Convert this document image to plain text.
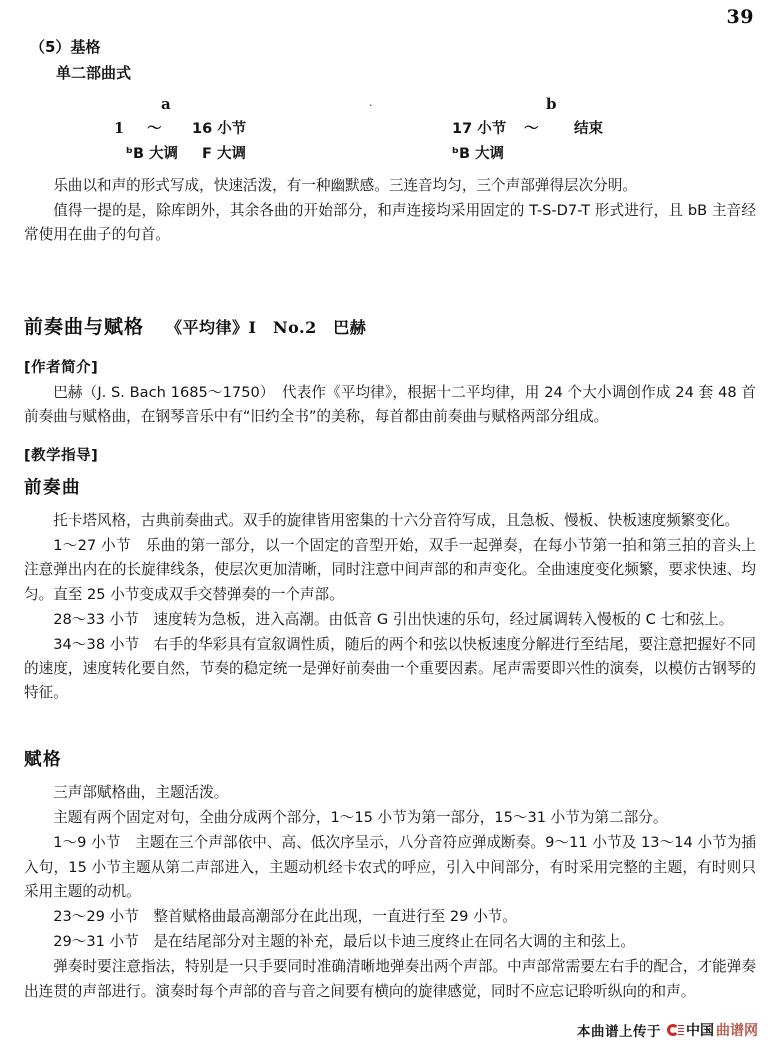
39
（5）基格
单二部曲式
a	·	b
1 ～ 16 小节	17 小节 ～ 结束
ᵇB 大调 F 大调	ᵇB 大调

乐曲以和声的形式写成，快速活泼，有一种幽默感。三连音均匀，三个声部弹得层次分明。

值得一提的是，除库朗外，其余各曲的开始部分，和声连接均采用固定的 T-S-D7-T 形式进行，且 bB 主音经常使用在曲子的句首。

前奏曲与赋格 《平均律》Ⅰ　No.2　巴赫
[作者简介]

巴赫（J. S. Bach 1685～1750）　代表作《平均律》，根据十二平均律，用 24 个大小调创作成 24 套 48 首前奏曲与赋格曲，在钢琴音乐中有“旧约全书”的美称，每首都由前奏曲与赋格两部分组成。

[教学指导]
前奏曲

托卡塔风格，古典前奏曲式。双手的旋律皆用密集的十六分音符写成，且急板、慢板、快板速度频繁变化。

1～27 小节　乐曲的第一部分，以一个固定的音型开始，双手一起弹奏，在每小节第一拍和第三拍的音头上注意弹出内在的长旋律线条，使层次更加清晰，同时注意中间声部的和声变化。全曲速度变化频繁，要求快速、均匀。直至 25 小节变成双手交替弹奏的一个声部。

28～33 小节　速度转为急板，进入高潮。由低音 G 引出快速的乐句，经过属调转入慢板的 C 七和弦上。

34～38 小节　右手的华彩具有宣叙调性质，随后的两个和弦以快板速度分解进行至结尾，要注意把握好不同的速度，速度转化要自然，节奏的稳定统一是弹好前奏曲一个重要因素。尾声需要即兴性的演奏，以模仿古钢琴的特征。

赋格

三声部赋格曲，主题活泼。

主题有两个固定对句，全曲分成两个部分，1～15 小节为第一部分，15～31 小节为第二部分。

1～9 小节　主题在三个声部依中、高、低次序呈示，八分音符应弹成断奏。9～11 小节及 13～14 小节为插入句，15 小节主题从第二声部进入，主题动机经卡农式的呼应，引入中间部分，有时采用完整的主题，有时则只采用主题的动机。

23～29 小节　整首赋格曲最高潮部分在此出现，一直进行至 29 小节。

29～31 小节　是在结尾部分对主题的补充，最后以卡迪三度终止在同名大调的主和弦上。

弹奏时要注意指法，特别是一只手要同时准确清晰地弹奏出两个声部。中声部常需要左右手的配合，才能弹奏出连贯的声部进行。演奏时每个声部的音与音之间要有横向的旋律感觉，同时不应忘记聆听纵向的和声。

本曲谱上传于 中国 曲谱网
